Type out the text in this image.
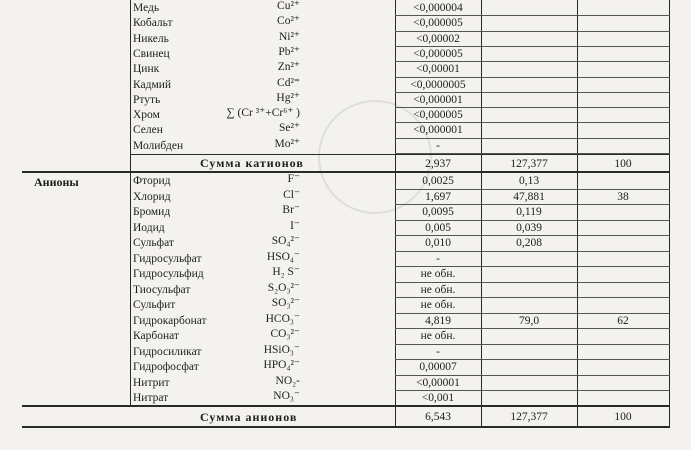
Медь	Cu²⁺	<0,000004
Кобальт	Co²⁺	<0,000005
Никель	Ni²⁺	<0,00002
Свинец	Pb²⁺	<0,000005
Цинк	Zn²⁺	<0,00001
Кадмий	Cd²⁼	<0,0000005
Ртуть	Hg²⁺	<0,000001
Хром	∑ (Cr ³⁺+Cr⁶⁺ )	<0,000005
Селен	Se²⁺	<0,000001
Молибден	Mo²⁺	-
Сумма катионов	2,937	127,377	100
Анионы	Фторид	F⁻	0,0025	0,13
Хлорид	Cl⁻	1,697	47,881	38
Бромид	Br⁻	0,0095	0,119
Иодид	I⁻	0,005	0,039
Сульфат	SO₄²⁻	0,010	0,208
Гидросульфат	HSO₄⁻	-
Гидросульфид	H₂ S⁻	не обн.
Тиосульфат	S₂O₃²⁻	не обн.
Сульфит	SO₃²⁻	не обн.
Гидрокарбонат	HCO₃⁻	4,819	79,0	62
Карбонат	CO₃²⁻	не обн.
Гидросиликат	HSiO₃⁻	-
Гидрофосфат	HPO₄²⁻	0,00007
Нитрит	NO₂-	<0,00001
Нитрат	NO₃⁻	<0,001
Сумма анионов	6,543	127,377	100
